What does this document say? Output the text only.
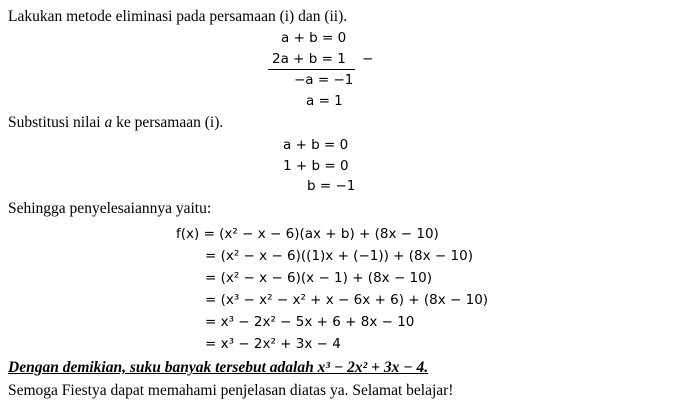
Lakukan metode eliminasi pada persamaan (i) dan (ii).
a + b = 0
2a + b = 1 −
−a = −1
a = 1
Substitusi nilai a ke persamaan (i).
a + b = 0
1 + b = 0
b = −1
Sehingga penyelesaiannya yaitu:
f(x) = (x² − x − 6)(ax + b) + (8x − 10)
= (x² − x − 6)((1)x + (−1)) + (8x − 10)
= (x² − x − 6)(x − 1) + (8x − 10)
= (x³ − x² − x² + x − 6x + 6) + (8x − 10)
= x³ − 2x² − 5x + 6 + 8x − 10
= x³ − 2x² + 3x − 4
Dengan demikian, suku banyak tersebut adalah x³ − 2x² + 3x − 4.
Semoga Fiestya dapat memahami penjelasan diatas ya. Selamat belajar!
